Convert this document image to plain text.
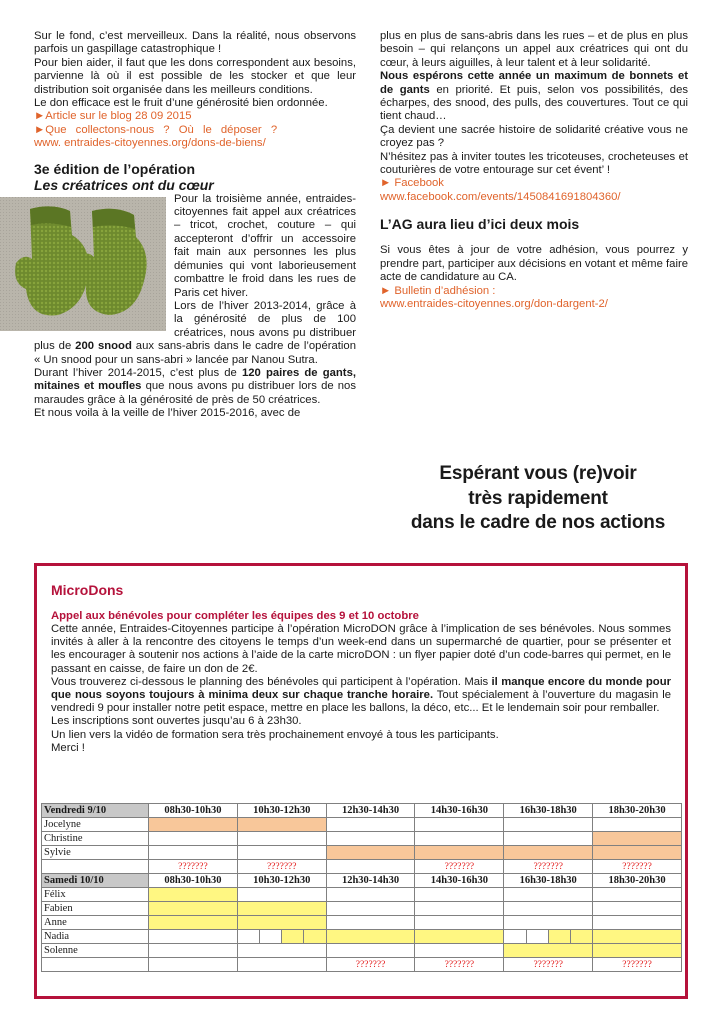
Sur le fond, c’est merveilleux. Dans la réalité, nous observons parfois un gaspillage catastrophique !

Pour bien aider, il faut que les dons correspondent aux besoins, parvienne là où il est possible de les stocker et que leur distribution soit organisée dans les meilleurs conditions.

Le don efficace est le fruit d’une générosité bien ordonnée.

►Article sur le blog 28 09 2015

►Que collectons-nous ? Où le déposer ?

www. entraides-citoyennes.org/dons-de-biens/

3e édition de l’opération

Les créatrices ont du cœur

Pour la troisième année, entraides-citoyennes fait appel aux créatrices – tricot, crochet, couture – qui accepteront d’offrir un accessoire fait main aux personnes les plus démunies qui vont laborieusement combattre le froid dans les rues de Paris cet hiver.

Lors de l’hiver 2013-2014, grâce à la générosité de plus de 100 créatrices, nous avons pu distribuer plus de 200 snood aux sans-abris dans le cadre de l’opération « Un snood pour un sans-abri » lancée par Nanou Sutra.

Durant l’hiver 2014-2015, c’est plus de 120 paires de gants, mitaines et moufles que nous avons pu distribuer lors de nos maraudes grâce à la générosité de près de 50 créatrices.

Et nous voila à la veille de l’hiver 2015-2016, avec de

plus en plus de sans-abris dans les rues – et de plus en plus besoin – qui relançons un appel aux créatrices qui ont du cœur, à leurs aiguilles, à leur talent et à leur solidarité.

Nous espérons cette année un maximum de bonnets et de gants en priorité. Et puis, selon vos possibilités, des écharpes, des snood, des pulls, des couvertures. Tout ce qui tient chaud…

Ça devient une sacrée histoire de solidarité créative vous ne croyez pas ?

N’hésitez pas à inviter toutes les tricoteuses, crocheteuses et couturières de votre entourage sur cet évent’ !

► Facebook

www.facebook.com/events/1450841691804360/

L’AG aura lieu d’ici deux mois

Si vous êtes à jour de votre adhésion, vous pourrez y prendre part, participer aux décisions en votant et même faire acte de candidature au CA.

► Bulletin d’adhésion :

www.entraides-citoyennes.org/don-dargent-2/

Espérant vous (re)voir
très rapidement
dans le cadre de nos actions

MicroDons

Appel aux bénévoles pour compléter les équipes des 9 et 10 octobre

Cette année, Entraides-Citoyennes participe à l’opération MicroDON grâce à l’implication de ses bénévoles. Nous sommes invités à aller à la rencontre des citoyens le temps d’un week-end dans un supermarché de quartier, pour se présenter et les encourager à soutenir nos actions à l’aide de la carte microDON : un flyer papier doté d’un code-barres qui permet, en le passant en caisse, de faire un don de 2€.

Vous trouverez ci-dessous le planning des bénévoles qui participent à l’opération. Mais il manque encore du monde pour que nous soyons toujours à minima deux sur chaque tranche horaire. Tout spécialement à l’ouverture du magasin le vendredi 9 pour installer notre petit espace, mettre en place les ballons, la déco, etc... Et le lendemain soir pour remballer.

Les inscriptions sont ouvertes jusqu’au 6 à 23h30.

Un lien vers la vidéo de formation sera très prochainement envoyé à tous les participants.

Merci !

Vendredi 9/10	08h30-10h30	10h30-12h30	12h30-14h30	14h30-16h30	16h30-18h30	18h30-20h30
Jocelyne						
Christine						
Sylvie						
	???????	???????		???????	???????	???????
Samedi 10/10	08h30-10h30	10h30-12h30	12h30-14h30	14h30-16h30	16h30-18h30	18h30-20h30
Félix						
Fabien						
Anne						
Nadia		

Solenne						
			???????	???????	???????	???????
